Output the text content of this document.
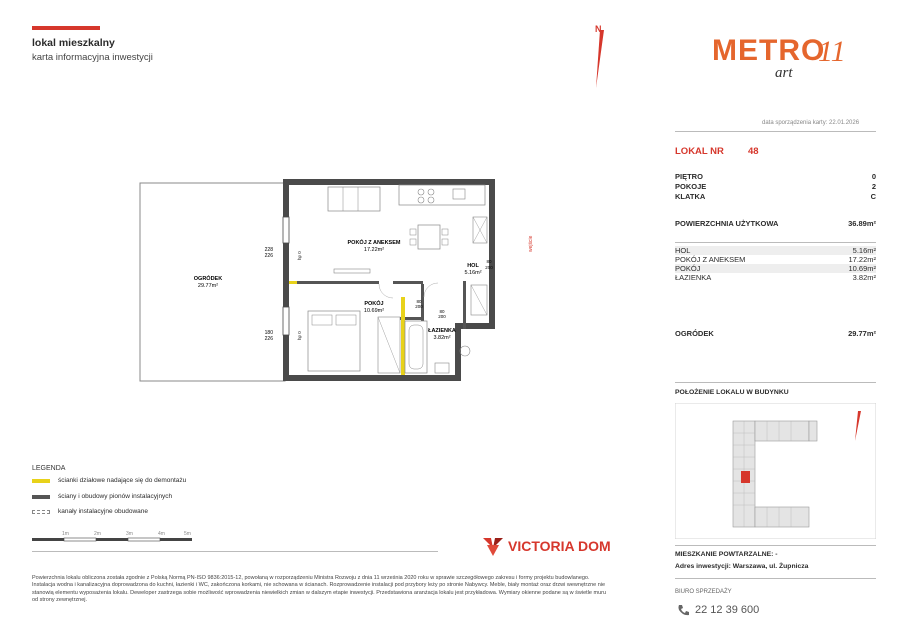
lokal mieszkalny
karta informacyjna inwestycji	METRO
11
art
N
data sporządzenia karty: 22.01.2026
LOKAL NR	48
PIĘTRO	0
POKOJE	2
KLATKA	C
POWIERZCHNIA UŻYTKOWA	36.89m²
HOL	5.16m²
POKÓJ Z ANEKSEM	17.22m²
POKÓJ	10.69m²
ŁAZIENKA	3.82m²
OGRÓDEK	29.77m²
POŁOŻENIE LOKALU W BUDYNKU
MIESZKANIE POWTARZALNE: -
Adres inwestycji: Warszawa, ul. Żupnicza
BIURO SPRZEDAŻY
22 12 39 600
OGRÓDEK
29.77m²
POKÓJ Z ANEKSEM
17.22m²
POKÓJ
10.69m²
HOL
5.16m²
ŁAZIENKA
3.82m²
228
226
180
226
80
200
80
200
80
200
wejście
hp 0
hp 0
LEGENDA
ścianki działowe nadające się do demontażu
ściany i obudowy pionów instalacyjnych
kanały instalacyjne obudowane
1m	2m	3m	4m	5m
VICTORIA DOM
Powierzchnia lokalu obliczona została zgodnie z Polską Normą PN-ISO 9836:2015-12, powołaną w rozporządzeniu Ministra Rozwoju z dnia 11 września 2020 roku w sprawie szczegółowego zakresu i formy projektu budowlanego. Instalacja wodna i kanalizacyjna doprowadzona do kuchni, łazienki i WC, zakończona korkami, nie schowana w ścianach. Rozprowadzenie instalacji pod przybory leży po stronie Nabywcy. Meble, biały montaż oraz drzwi wewnętrzne nie stanowią elementu wyposażenia lokalu. Deweloper zastrzega sobie możliwość wprowadzenia niewielkich zmian w dalszym etapie inwestycji. Przedstawiona aranżacja lokalu jest przykładowa. Wymiary okienne podane są w świetle muru od strony zewnętrznej.
